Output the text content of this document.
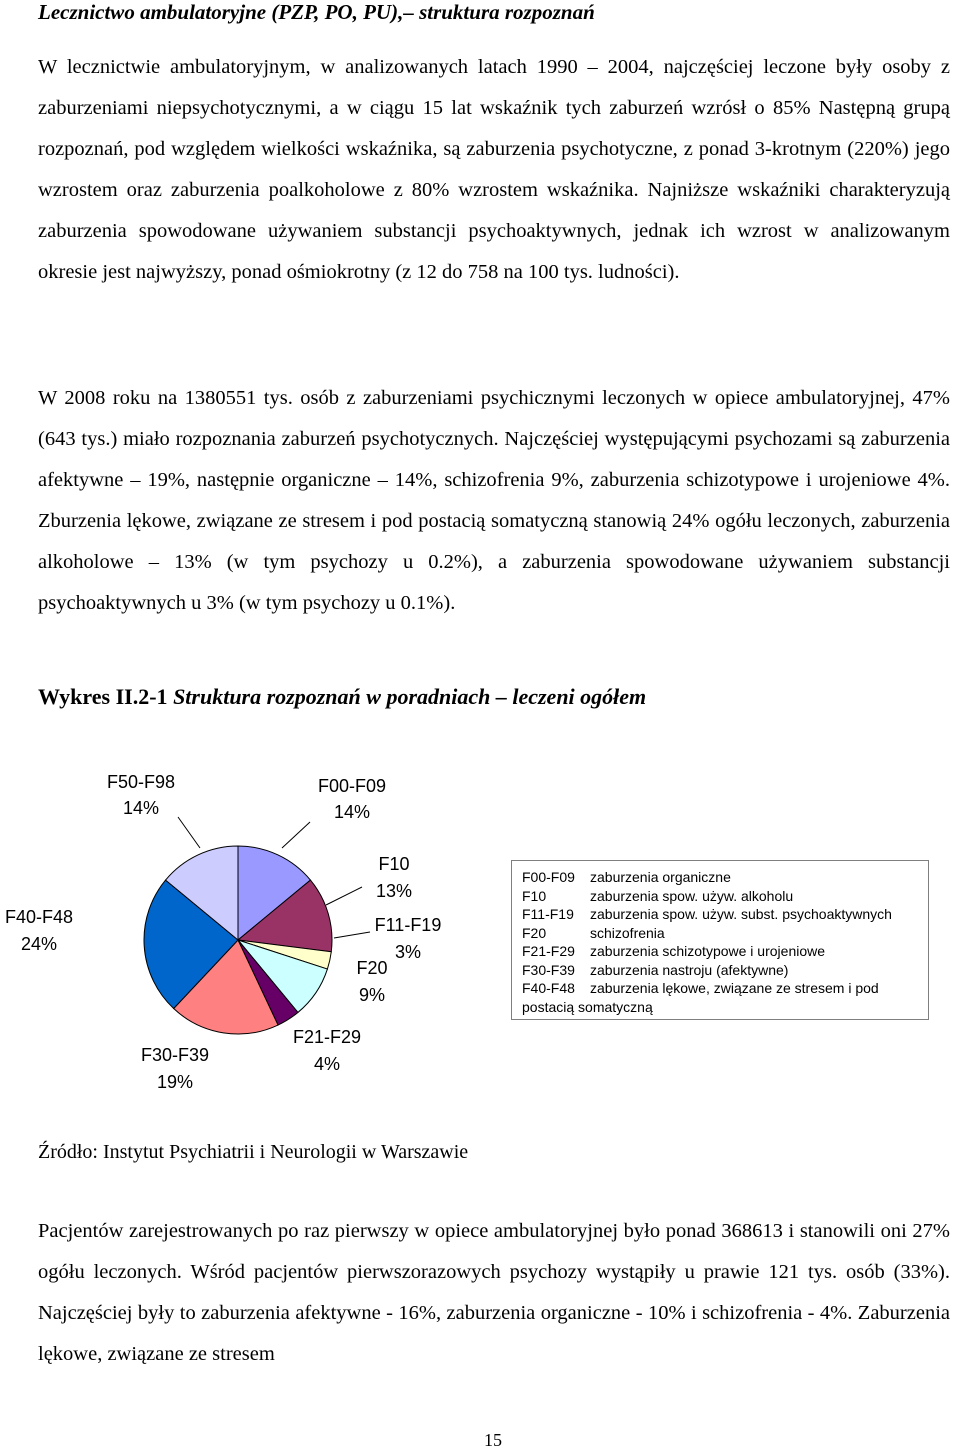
Lecznictwo ambulatoryjne (PZP, PO, PU),– struktura rozpoznań

W lecznictwie ambulatoryjnym, w analizowanych latach 1990 – 2004, najczęściej leczone były osoby z zaburzeniami niepsychotycznymi, a w ciągu 15 lat wskaźnik tych zaburzeń wzrósł o 85% Następną grupą rozpoznań, pod względem wielkości wskaźnika, są zaburzenia psychotyczne, z ponad 3-krotnym (220%) jego wzrostem oraz zaburzenia poalkoholowe z 80% wzrostem wskaźnika. Najniższe wskaźniki charakteryzują zaburzenia spowodowane używaniem substancji psychoaktywnych, jednak ich wzrost w analizowanym okresie jest najwyższy, ponad ośmiokrotny (z 12 do 758 na 100 tys. ludności).

W 2008 roku na 1380551 tys. osób z zaburzeniami psychicznymi leczonych w opiece ambulatoryjnej, 47% (643 tys.) miało rozpoznania zaburzeń psychotycznych. Najczęściej występującymi psychozami są zaburzenia afektywne – 19%, następnie organiczne – 14%, schizofrenia 9%, zaburzenia schizotypowe i urojeniowe 4%. Zburzenia lękowe, związane ze stresem i pod postacią somatyczną stanowią 24% ogółu leczonych, zaburzenia alkoholowe – 13% (w tym psychozy u 0.2%), a zaburzenia spowodowane używaniem substancji psychoaktywnych u 3% (w tym psychozy u 0.1%).

Wykres II.2-1 Struktura rozpoznań w poradniach – leczeni ogółem
F50-F98
14%
F00-F09
14%
F10
13%
F11-F19
3%
F20
9%
F21-F29
4%
F30-F39
19%
F40-F48
24%
F00-F09 zaburzenia organiczne
F10	zaburzenia spow. używ. alkoholu
F11-F19 zaburzenia spow. używ. subst. psychoaktywnych
F20	schizofrenia
F21-F29 zaburzenia schizotypowe i urojeniowe
F30-F39 zaburzenia nastroju (afektywne)
F40-F48 zaburzenia lękowe, związane ze stresem i pod postacią somatyczną
Źródło: Instytut Psychiatrii i Neurologii w Warszawie

Pacjentów zarejestrowanych po raz pierwszy w opiece ambulatoryjnej było ponad 368613 i stanowili oni 27% ogółu leczonych. Wśród pacjentów pierwszorazowych psychozy wystąpiły u prawie 121 tys. osób (33%). Najczęściej były to zaburzenia afektywne - 16%, zaburzenia organiczne - 10% i schizofrenia - 4%. Zaburzenia lękowe, związane ze stresem

15
